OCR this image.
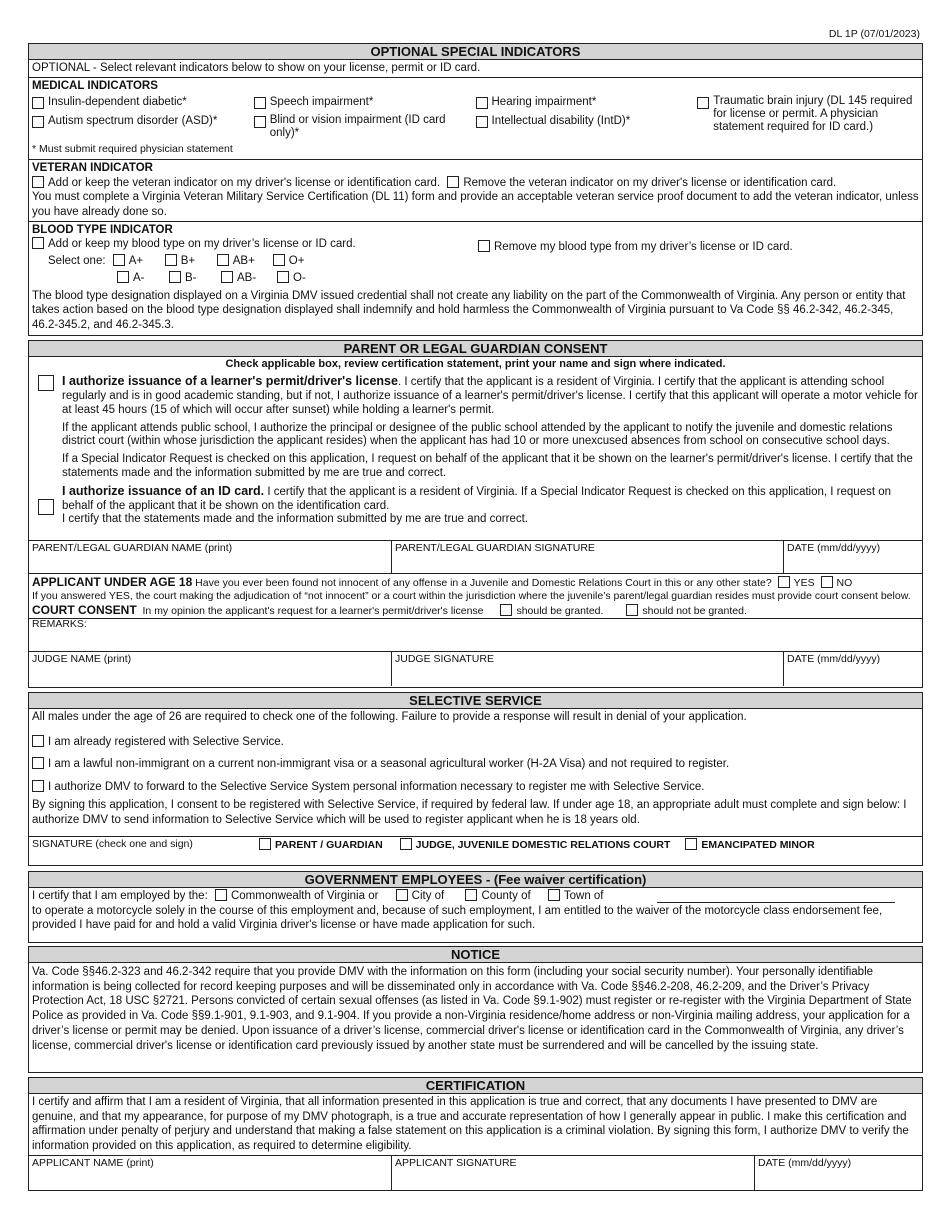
DL 1P (07/01/2023)
OPTIONAL SPECIAL INDICATORS
OPTIONAL - Select relevant indicators below to show on your license, permit or ID card.
MEDICAL INDICATORS
Insulin-dependent diabetic*	Speech impairment*	Hearing impairment*	Traumatic brain injury (DL 145 required for license or permit. A physician statement required for ID card.)
Autism spectrum disorder (ASD)*	Blind or vision impairment (ID card only)*
Intellectual disability (IntD)*
* Must submit required physician statement
VETERAN INDICATOR
Add or keep the veteran indicator on my driver's license or identification card. Remove the veteran indicator on my driver's license or identification card.
You must complete a Virginia Veteran Military Service Certification (DL 11) form and provide an acceptable veteran service proof document to add the veteran indicator, unless you have already done so.
BLOOD TYPE INDICATOR
Add or keep my blood type on my driver’s license or ID card.
Select one: A+	B+	AB+	O+
A-	B-	AB-	O-
Remove my blood type from my driver’s license or ID card.
The blood type designation displayed on a Virginia DMV issued credential shall not create any liability on the part of the Commonwealth of Virginia. Any person or entity that takes action based on the blood type designation displayed shall indemnify and hold harmless the Commonwealth of Virginia pursuant to Va Code §§ 46.2-342, 46.2-345, 46.2-345.2, and 46.2-345.3.
PARENT OR LEGAL GUARDIAN CONSENT
Check applicable box, review certification statement, print your name and sign where indicated.
I authorize issuance of a learner's permit/driver's license. I certify that the applicant is a resident of Virginia. I certify that the applicant is attending school regularly and is in good academic standing, but if not, I authorize issuance of a learner's permit/driver's license. I certify that this applicant will operate a motor vehicle for at least 45 hours (15 of which will occur after sunset) while holding a learner's permit.
If the applicant attends public school, I authorize the principal or designee of the public school attended by the applicant to notify the juvenile and domestic relations district court (within whose jurisdiction the applicant resides) when the applicant has had 10 or more unexcused absences from school on consecutive school days.
If a Special Indicator Request is checked on this application, I request on behalf of the applicant that it be shown on the learner's permit/driver's license. I certify that the statements made and the information submitted by me are true and correct.
I authorize issuance of an ID card. I certify that the applicant is a resident of Virginia. If a Special Indicator Request is checked on this application, I request on behalf of the applicant that it be shown on the identification card.
I certify that the statements made and the information submitted by me are true and correct.
PARENT/LEGAL GUARDIAN NAME (print)	PARENT/LEGAL GUARDIAN SIGNATURE	DATE (mm/dd/yyyy)
APPLICANT UNDER AGE 18 Have you ever been found not innocent of any offense in a Juvenile and Domestic Relations Court in this or any other state? YES NO
If you answered YES, the court making the adjudication of “not innocent” or a court within the jurisdiction where the juvenile’s parent/legal guardian resides must provide court consent below. COURT CONSENT In my opinion the applicant's request for a learner's permit/driver's license	should be granted.	should not be granted.
REMARKS:
JUDGE NAME (print)	JUDGE SIGNATURE	DATE (mm/dd/yyyy)
SELECTIVE SERVICE
All males under the age of 26 are required to check one of the following. Failure to provide a response will result in denial of your application.
I am already registered with Selective Service.
I am a lawful non-immigrant on a current non-immigrant visa or a seasonal agricultural worker (H-2A Visa) and not required to register.
I authorize DMV to forward to the Selective Service System personal information necessary to register me with Selective Service.
By signing this application, I consent to be registered with Selective Service, if required by federal law. If under age 18, an appropriate adult must complete and sign below: I authorize DMV to send information to Selective Service which will be used to register applicant when he is 18 years old.
SIGNATURE (check one and sign)	PARENT / GUARDIAN	JUDGE, JUVENILE DOMESTIC RELATIONS COURT	EMANCIPATED MINOR
GOVERNMENT EMPLOYEES - (Fee waiver certification)
I certify that I am employed by the: Commonwealth of Virginia or	City of	County of	Town of
to operate a motorcycle solely in the course of this employment and, because of such employment, I am entitled to the waiver of the motorcycle class endorsement fee, provided I have paid for and hold a valid Virginia driver's license or have made application for such.
NOTICE
Va. Code §§46.2-323 and 46.2-342 require that you provide DMV with the information on this form (including your social security number). Your personally identifiable information is being collected for record keeping purposes and will be disseminated only in accordance with Va. Code §§46.2-208, 46.2-209, and the Driver’s Privacy Protection Act, 18 USC §2721. Persons convicted of certain sexual offenses (as listed in Va. Code §9.1-902) must register or re-register with the Virginia Department of State Police as provided in Va. Code §§9.1-901, 9.1-903, and 9.1-904. If you provide a non-Virginia residence/home address or non-Virginia mailing address, your application for a driver’s license or permit may be denied. Upon issuance of a driver’s license, commercial driver's license or identification card in the Commonwealth of Virginia, any driver’s license, commercial driver's license or identification card previously issued by another state must be surrendered and will be cancelled by the issuing state.
CERTIFICATION
I certify and affirm that I am a resident of Virginia, that all information presented in this application is true and correct, that any documents I have presented to DMV are genuine, and that my appearance, for purpose of my DMV photograph, is a true and accurate representation of how I generally appear in public. I make this certification and affirmation under penalty of perjury and understand that making a false statement on this application is a criminal violation. By signing this form, I authorize DMV to verify the information provided on this application, as required to determine eligibility.
APPLICANT NAME (print)	APPLICANT SIGNATURE	DATE (mm/dd/yyyy)
